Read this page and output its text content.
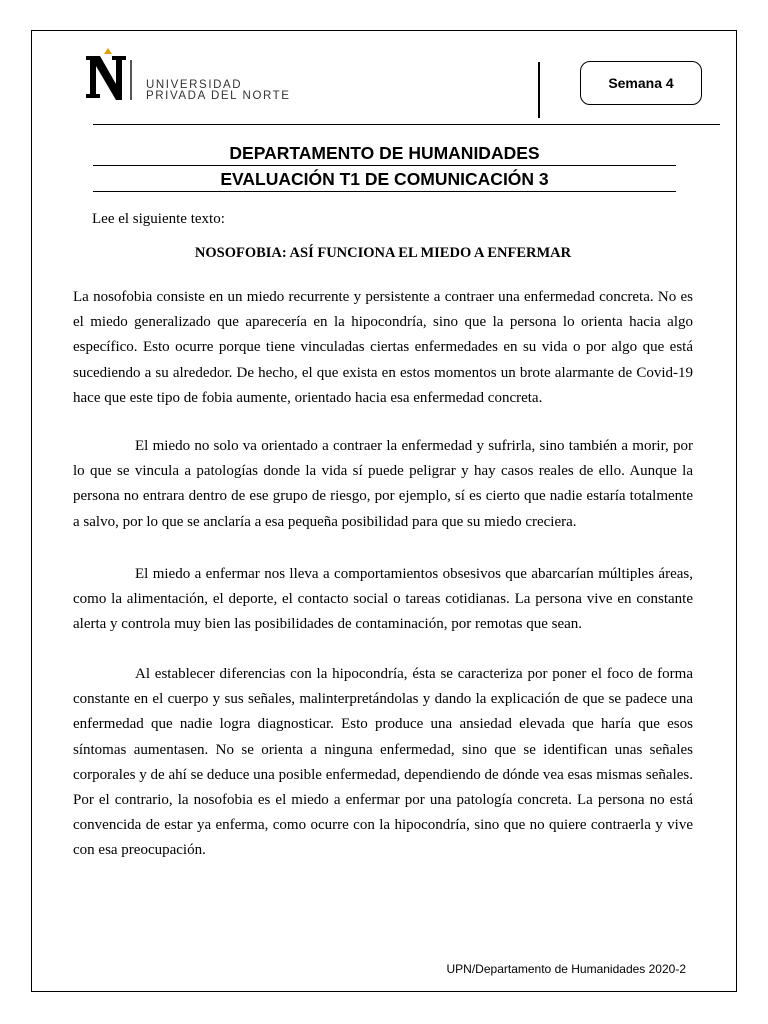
UNIVERSIDAD
PRIVADA DEL NORTE
Semana 4
DEPARTAMENTO DE HUMANIDADES
EVALUACIÓN T1 DE COMUNICACIÓN 3
Lee el siguiente texto:
NOSOFOBIA: ASÍ FUNCIONA EL MIEDO A ENFERMAR

La nosofobia consiste en un miedo recurrente y persistente a contraer una enfermedad concreta. No es el miedo generalizado que aparecería en la hipocondría, sino que la persona lo orienta hacia algo específico. Esto ocurre porque tiene vinculadas ciertas enfermedades en su vida o por algo que está sucediendo a su alrededor. De hecho, el que exista en estos momentos un brote alarmante de Covid-19 hace que este tipo de fobia aumente, orientado hacia esa enfermedad concreta.

El miedo no solo va orientado a contraer la enfermedad y sufrirla, sino también a morir, por lo que se vincula a patologías donde la vida sí puede peligrar y hay casos reales de ello. Aunque la persona no entrara dentro de ese grupo de riesgo, por ejemplo, sí es cierto que nadie estaría totalmente a salvo, por lo que se anclaría a esa pequeña posibilidad para que su miedo creciera.

El miedo a enfermar nos lleva a comportamientos obsesivos que abarcarían múltiples áreas, como la alimentación, el deporte, el contacto social o tareas cotidianas. La persona vive en constante alerta y controla muy bien las posibilidades de contaminación, por remotas que sean.

Al establecer diferencias con la hipocondría, ésta se caracteriza por poner el foco de forma constante en el cuerpo y sus señales, malinterpretándolas y dando la explicación de que se padece una enfermedad que nadie logra diagnosticar. Esto produce una ansiedad elevada que haría que esos síntomas aumentasen. No se orienta a ninguna enfermedad, sino que se identifican unas señales corporales y de ahí se deduce una posible enfermedad, dependiendo de dónde vea esas mismas señales. Por el contrario, la nosofobia es el miedo a enfermar por una patología concreta. La persona no está convencida de estar ya enferma, como ocurre con la hipocondría, sino que no quiere contraerla y vive con esa preocupación.

UPN/Departamento de Humanidades 2020-2
